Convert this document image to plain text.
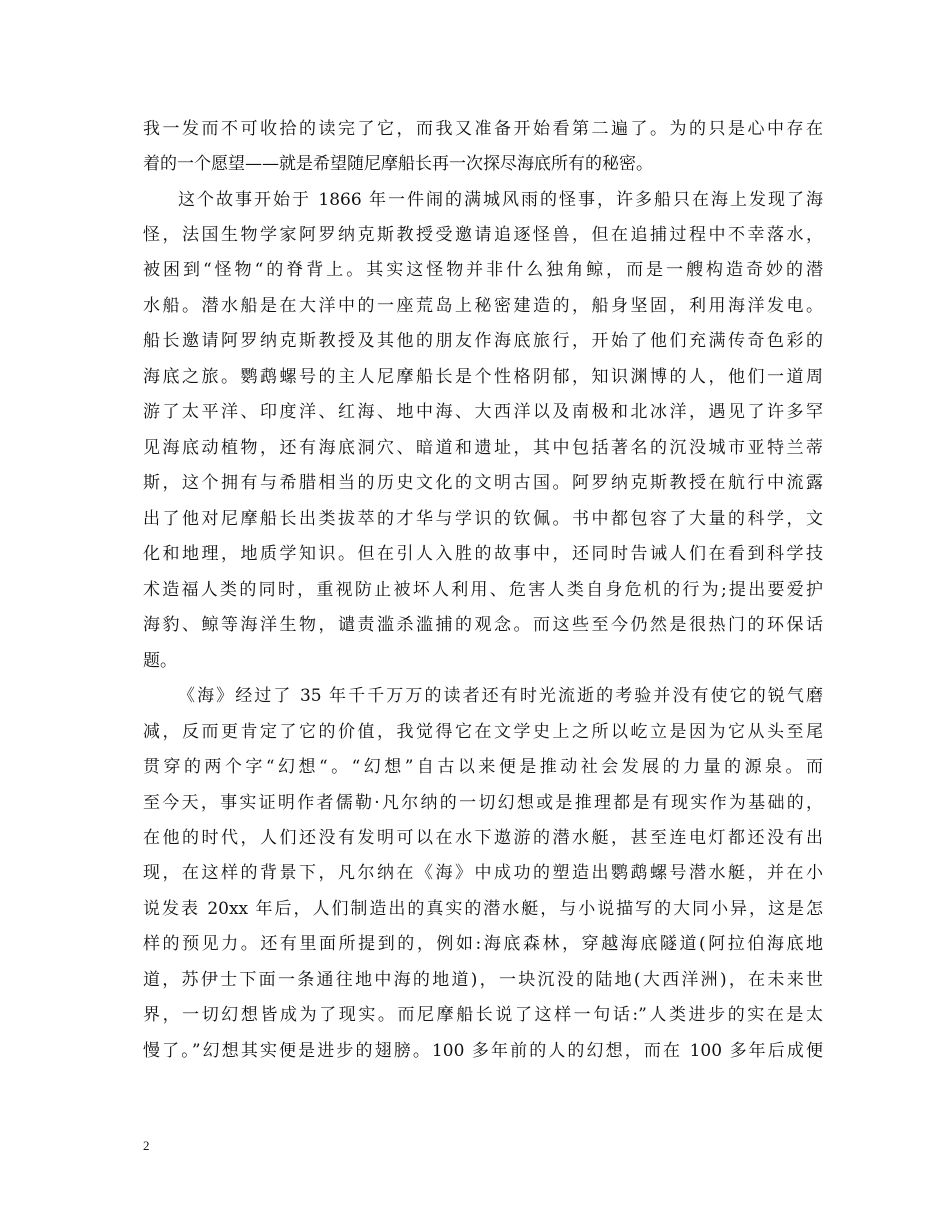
我一发而不可收拾的读完了它，而我又准备开始看第二遍了。为的只是心中存在
着的一个愿望——就是希望随尼摩船长再一次探尽海底所有的秘密。
这个故事开始于 1866 年一件闹的满城风雨的怪事，许多船只在海上发现了海
怪，法国生物学家阿罗纳克斯教授受邀请追逐怪兽，但在追捕过程中不幸落水，
被困到“怪物“的脊背上。其实这怪物并非什么独角鲸，而是一艘构造奇妙的潜
水船。潜水船是在大洋中的一座荒岛上秘密建造的，船身坚固，利用海洋发电。
船长邀请阿罗纳克斯教授及其他的朋友作海底旅行，开始了他们充满传奇色彩的
海底之旅。鹦鹉螺号的主人尼摩船长是个性格阴郁，知识渊博的人，他们一道周
游了太平洋、印度洋、红海、地中海、大西洋以及南极和北冰洋，遇见了许多罕
见海底动植物，还有海底洞穴、暗道和遗址，其中包括著名的沉没城市亚特兰蒂
斯，这个拥有与希腊相当的历史文化的文明古国。阿罗纳克斯教授在航行中流露
出了他对尼摩船长出类拔萃的才华与学识的钦佩。书中都包容了大量的科学，文
化和地理，地质学知识。但在引人入胜的故事中，还同时告诫人们在看到科学技
术造福人类的同时，重视防止被坏人利用、危害人类自身危机的行为;提出要爱护
海豹、鲸等海洋生物，谴责滥杀滥捕的观念。而这些至今仍然是很热门的环保话
题。
《海》经过了 35 年千千万万的读者还有时光流逝的考验并没有使它的锐气磨
减，反而更肯定了它的价值，我觉得它在文学史上之所以屹立是因为它从头至尾
贯穿的两个字“幻想“。“幻想”自古以来便是推动社会发展的力量的源泉。而
至今天，事实证明作者儒勒·凡尔纳的一切幻想或是推理都是有现实作为基础的，
在他的时代，人们还没有发明可以在水下遨游的潜水艇，甚至连电灯都还没有出
现，在这样的背景下，凡尔纳在《海》中成功的塑造出鹦鹉螺号潜水艇，并在小
说发表 20xx 年后，人们制造出的真实的潜水艇，与小说描写的大同小异，这是怎
样的预见力。还有里面所提到的，例如:海底森林，穿越海底隧道(阿拉伯海底地
道，苏伊士下面一条通往地中海的地道)，一块沉没的陆地(大西洋洲)，在未来世
界，一切幻想皆成为了现实。而尼摩船长说了这样一句话:”人类进步的实在是太
慢了。”幻想其实便是进步的翅膀。100 多年前的人的幻想，而在 100 多年后成便
2
